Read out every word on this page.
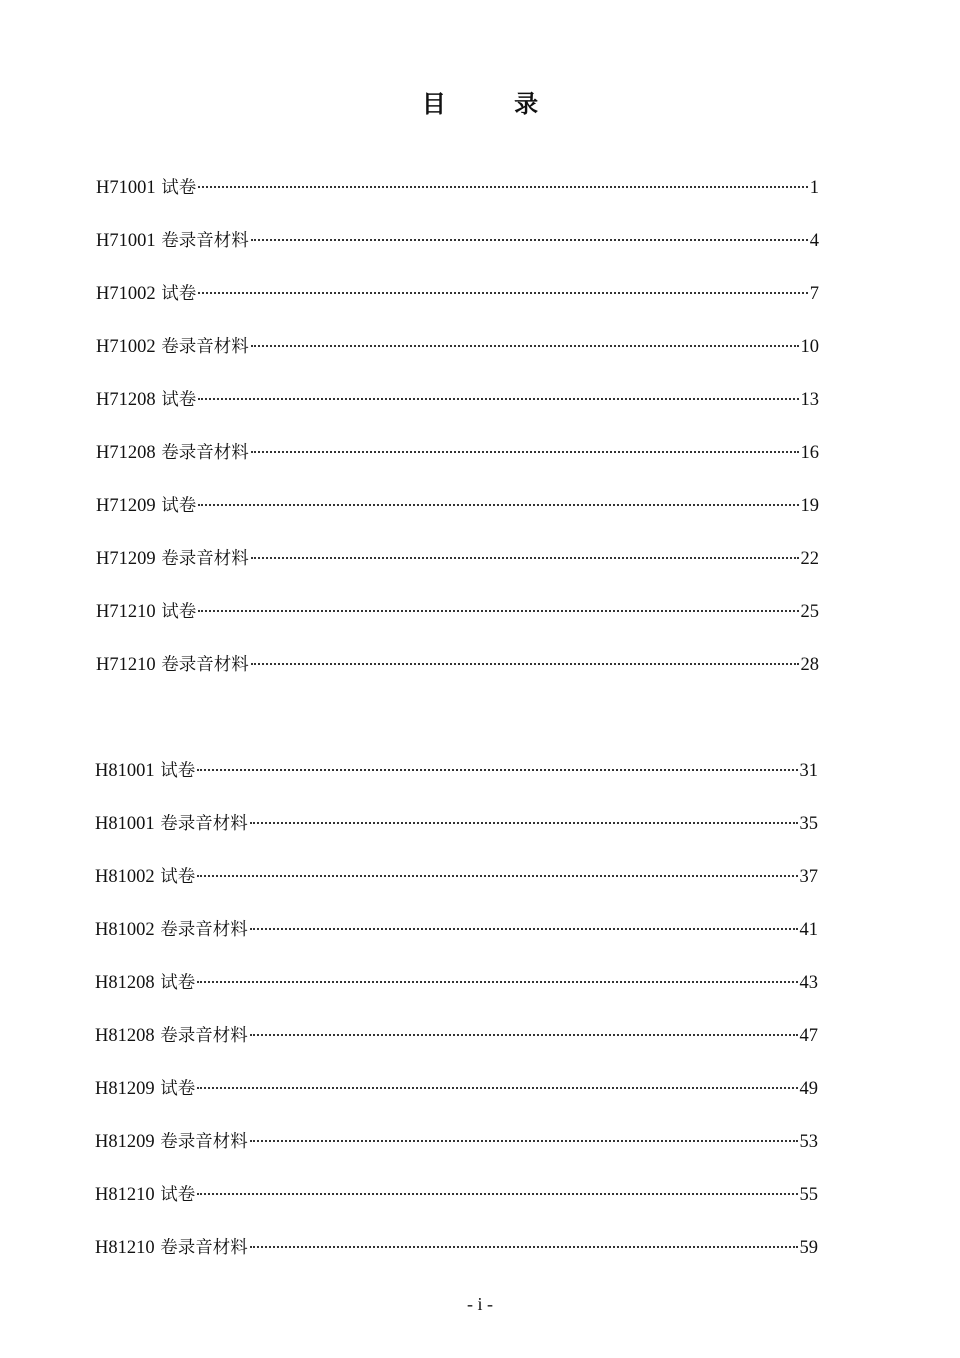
目 录
H71001 试卷	1
H71001 卷录音材料	4
H71002 试卷	7
H71002 卷录音材料	10
H71208 试卷	13
H71208 卷录音材料	16
H71209 试卷	19
H71209 卷录音材料	22
H71210 试卷	25
H71210 卷录音材料	28
H81001 试卷	31
H81001 卷录音材料	35
H81002 试卷	37
H81002 卷录音材料	41
H81208 试卷	43
H81208 卷录音材料	47
H81209 试卷	49
H81209 卷录音材料	53
H81210 试卷	55
H81210 卷录音材料	59
- i -
